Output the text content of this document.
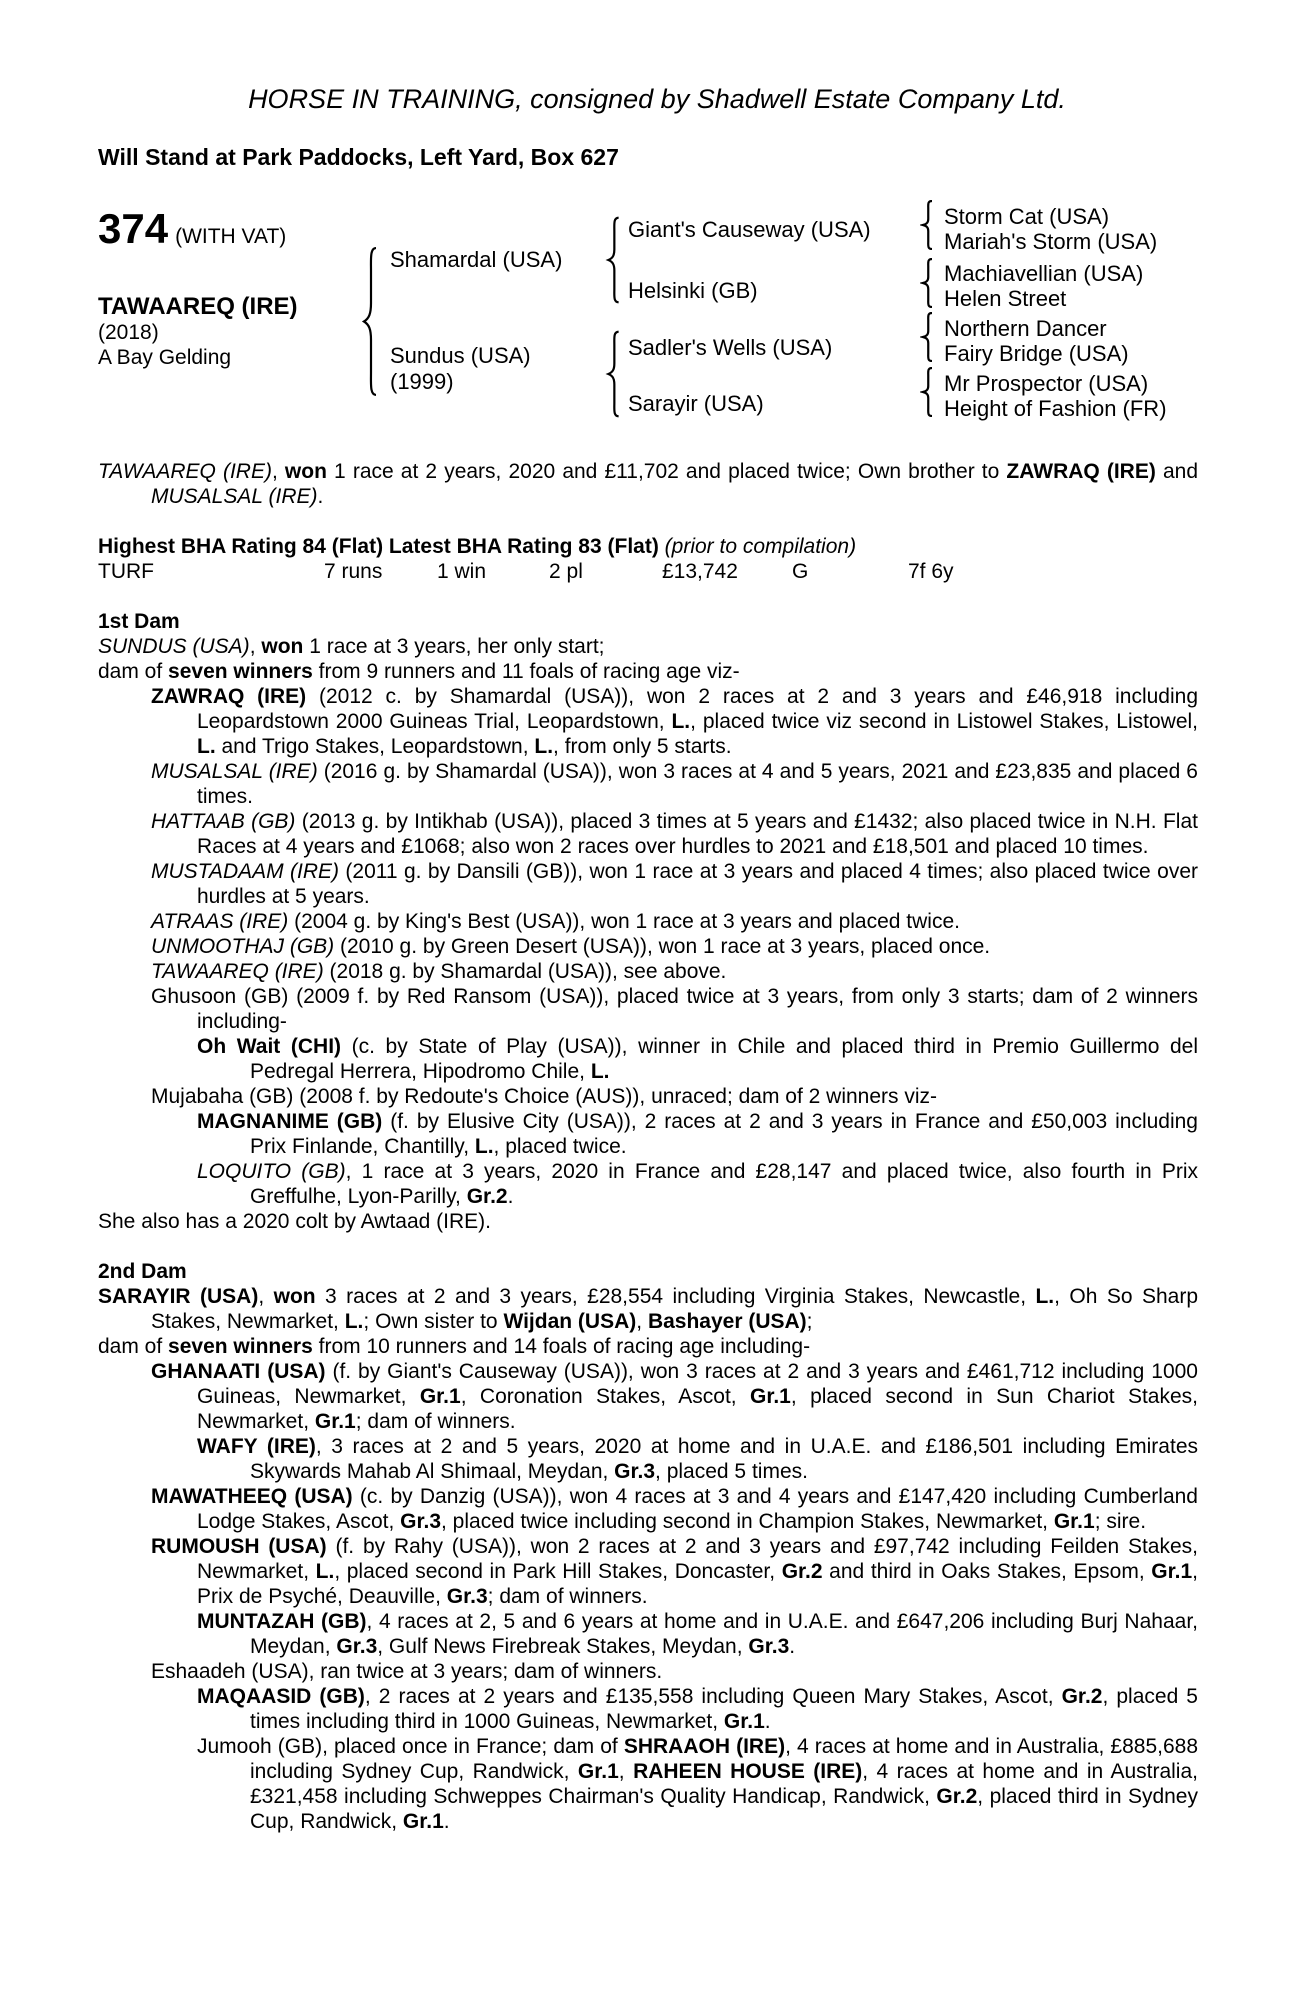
HORSE IN TRAINING, consigned by Shadwell Estate Company Ltd.
Will Stand at Park Paddocks, Left Yard, Box 627
374 (WITH VAT)
TAWAAREQ (IRE)
(2018)
A Bay Gelding
Shamardal (USA)
Sundus (USA)
(1999)
Giant's Causeway (USA)
Helsinki (GB)
Sadler's Wells (USA)
Sarayir (USA)
Storm Cat (USA)
Mariah's Storm (USA)
Machiavellian (USA)
Helen Street
Northern Dancer
Fairy Bridge (USA)
Mr Prospector (USA)
Height of Fashion (FR)

TAWAAREQ (IRE), won 1 race at 2 years, 2020 and £11,702 and placed twice; Own brother to ZAWRAQ (IRE) and MUSALSAL (IRE).

Highest BHA Rating 84 (Flat) Latest BHA Rating 83 (Flat) (prior to compilation)

TURF	7 runs	1 win	2 pl	£13,742	G	7f 6y
1st Dam

SUNDUS (USA), won 1 race at 3 years, her only start;

dam of seven winners from 9 runners and 11 foals of racing age viz-

ZAWRAQ (IRE) (2012 c. by Shamardal (USA)), won 2 races at 2 and 3 years and £46,918 including Leopardstown 2000 Guineas Trial, Leopardstown, L., placed twice viz second in Listowel Stakes, Listowel, L. and Trigo Stakes, Leopardstown, L., from only 5 starts.

MUSALSAL (IRE) (2016 g. by Shamardal (USA)), won 3 races at 4 and 5 years, 2021 and £23,835 and placed 6 times.

HATTAAB (GB) (2013 g. by Intikhab (USA)), placed 3 times at 5 years and £1432; also placed twice in N.H. Flat Races at 4 years and £1068; also won 2 races over hurdles to 2021 and £18,501 and placed 10 times.

MUSTADAAM (IRE) (2011 g. by Dansili (GB)), won 1 race at 3 years and placed 4 times; also placed twice over hurdles at 5 years.

ATRAAS (IRE) (2004 g. by King's Best (USA)), won 1 race at 3 years and placed twice.

UNMOOTHAJ (GB) (2010 g. by Green Desert (USA)), won 1 race at 3 years, placed once.

TAWAAREQ (IRE) (2018 g. by Shamardal (USA)), see above.

Ghusoon (GB) (2009 f. by Red Ransom (USA)), placed twice at 3 years, from only 3 starts; dam of 2 winners including-

Oh Wait (CHI) (c. by State of Play (USA)), winner in Chile and placed third in Premio Guillermo del Pedregal Herrera, Hipodromo Chile, L.

Mujabaha (GB) (2008 f. by Redoute's Choice (AUS)), unraced; dam of 2 winners viz-

MAGNANIME (GB) (f. by Elusive City (USA)), 2 races at 2 and 3 years in France and £50,003 including Prix Finlande, Chantilly, L., placed twice.

LOQUITO (GB), 1 race at 3 years, 2020 in France and £28,147 and placed twice, also fourth in Prix Greffulhe, Lyon-Parilly, Gr.2.

She also has a 2020 colt by Awtaad (IRE).

2nd Dam

SARAYIR (USA), won 3 races at 2 and 3 years, £28,554 including Virginia Stakes, Newcastle, L., Oh So Sharp Stakes, Newmarket, L.; Own sister to Wijdan (USA), Bashayer (USA);

dam of seven winners from 10 runners and 14 foals of racing age including-

GHANAATI (USA) (f. by Giant's Causeway (USA)), won 3 races at 2 and 3 years and £461,712 including 1000 Guineas, Newmarket, Gr.1, Coronation Stakes, Ascot, Gr.1, placed second in Sun Chariot Stakes, Newmarket, Gr.1; dam of winners.

WAFY (IRE), 3 races at 2 and 5 years, 2020 at home and in U.A.E. and £186,501 including Emirates Skywards Mahab Al Shimaal, Meydan, Gr.3, placed 5 times.

MAWATHEEQ (USA) (c. by Danzig (USA)), won 4 races at 3 and 4 years and £147,420 including Cumberland Lodge Stakes, Ascot, Gr.3, placed twice including second in Champion Stakes, Newmarket, Gr.1; sire.

RUMOUSH (USA) (f. by Rahy (USA)), won 2 races at 2 and 3 years and £97,742 including Feilden Stakes, Newmarket, L., placed second in Park Hill Stakes, Doncaster, Gr.2 and third in Oaks Stakes, Epsom, Gr.1, Prix de Psyché, Deauville, Gr.3; dam of winners.

MUNTAZAH (GB), 4 races at 2, 5 and 6 years at home and in U.A.E. and £647,206 including Burj Nahaar, Meydan, Gr.3, Gulf News Firebreak Stakes, Meydan, Gr.3.

Eshaadeh (USA), ran twice at 3 years; dam of winners.

MAQAASID (GB), 2 races at 2 years and £135,558 including Queen Mary Stakes, Ascot, Gr.2, placed 5 times including third in 1000 Guineas, Newmarket, Gr.1.

Jumooh (GB), placed once in France; dam of SHRAAOH (IRE), 4 races at home and in Australia, £885,688 including Sydney Cup, Randwick, Gr.1, RAHEEN HOUSE (IRE), 4 races at home and in Australia, £321,458 including Schweppes Chairman's Quality Handicap, Randwick, Gr.2, placed third in Sydney Cup, Randwick, Gr.1.
